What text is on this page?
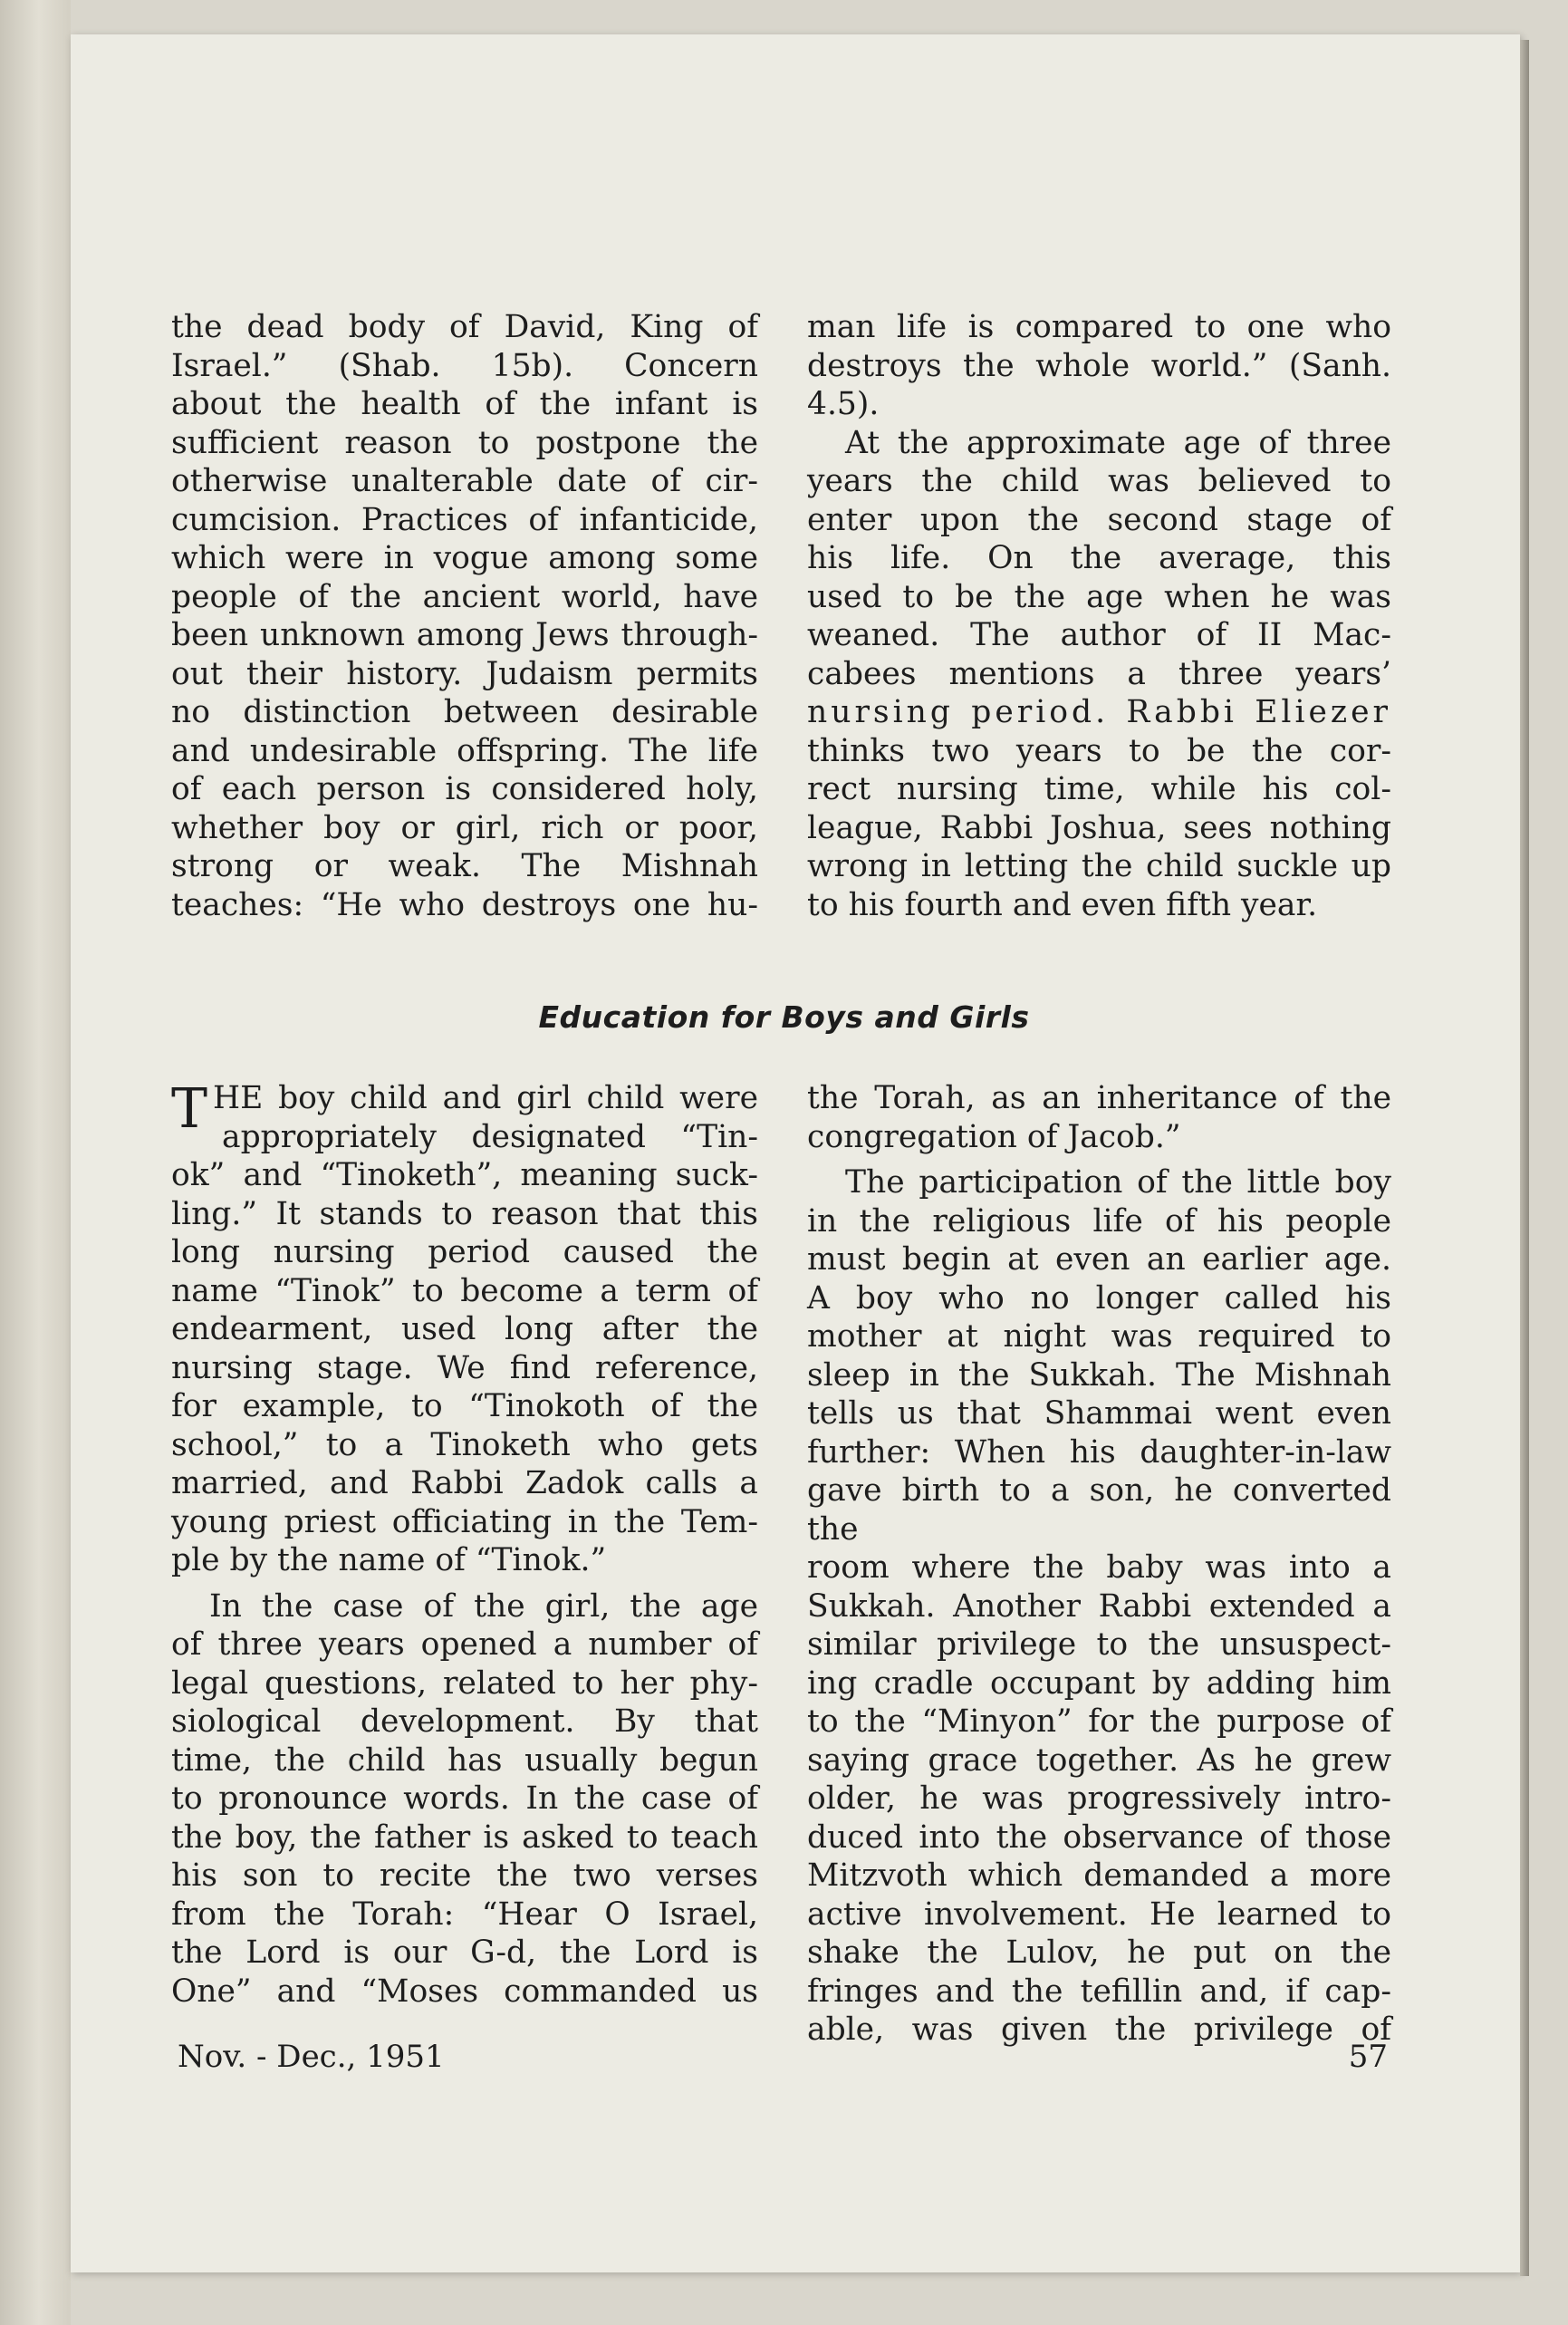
the dead body of David, King of
Israel.” (Shab. 15b). Concern
about the health of the infant is
sufficient reason to postpone the
otherwise unalterable date of cir-
cumcision. Practices of infanticide,
which were in vogue among some
people of the ancient world, have
been unknown among Jews through-
out their history. Judaism permits
no distinction between desirable
and undesirable offspring. The life
of each person is considered holy,
whether boy or girl, rich or poor,
strong or weak. The Mishnah
teaches: “He who destroys one hu-

man life is compared to one who
destroys the whole world.” (Sanh.
4.5).

At the approximate age of three
years the child was believed to
enter upon the second stage of
his life. On the average, this
used to be the age when he was
weaned. The author of II Mac-
cabees mentions a three years’
nursing period. Rabbi Eliezer
thinks two years to be the cor-
rect nursing time, while his col-
league, Rabbi Joshua, sees nothing
wrong in letting the child suckle up
to his fourth and even fifth year.

Education for Boys and Girls

T HE boy child and girl child were
appropriately designated “Tin-
ok” and “Tinoketh”, meaning suck-
ling.” It stands to reason that this
long nursing period caused the
name “Tinok” to become a term of
endearment, used long after the
nursing stage. We find reference,
for example, to “Tinokoth of the
school,” to a Tinoketh who gets
married, and Rabbi Zadok calls a
young priest officiating in the Tem-
ple by the name of “Tinok.”

In the case of the girl, the age
of three years opened a number of
legal questions, related to her phy-
siological development. By that
time, the child has usually begun
to pronounce words. In the case of
the boy, the father is asked to teach
his son to recite the two verses
from the Torah: “Hear O Israel,
the Lord is our G-d, the Lord is
One” and “Moses commanded us

the Torah, as an inheritance of the
congregation of Jacob.”

The participation of the little boy
in the religious life of his people
must begin at even an earlier age.
A boy who no longer called his
mother at night was required to
sleep in the Sukkah. The Mishnah
tells us that Shammai went even
further: When his daughter-in-law
gave birth to a son, he converted the
room where the baby was into a
Sukkah. Another Rabbi extended a
similar privilege to the unsuspect-
ing cradle occupant by adding him
to the “Minyon” for the purpose of
saying grace together. As he grew
older, he was progressively intro-
duced into the observance of those
Mitzvoth which demanded a more
active involvement. He learned to
shake the Lulov, he put on the
fringes and the tefillin and, if cap-
able, was given the privilege of

Nov. - Dec., 1951	57
